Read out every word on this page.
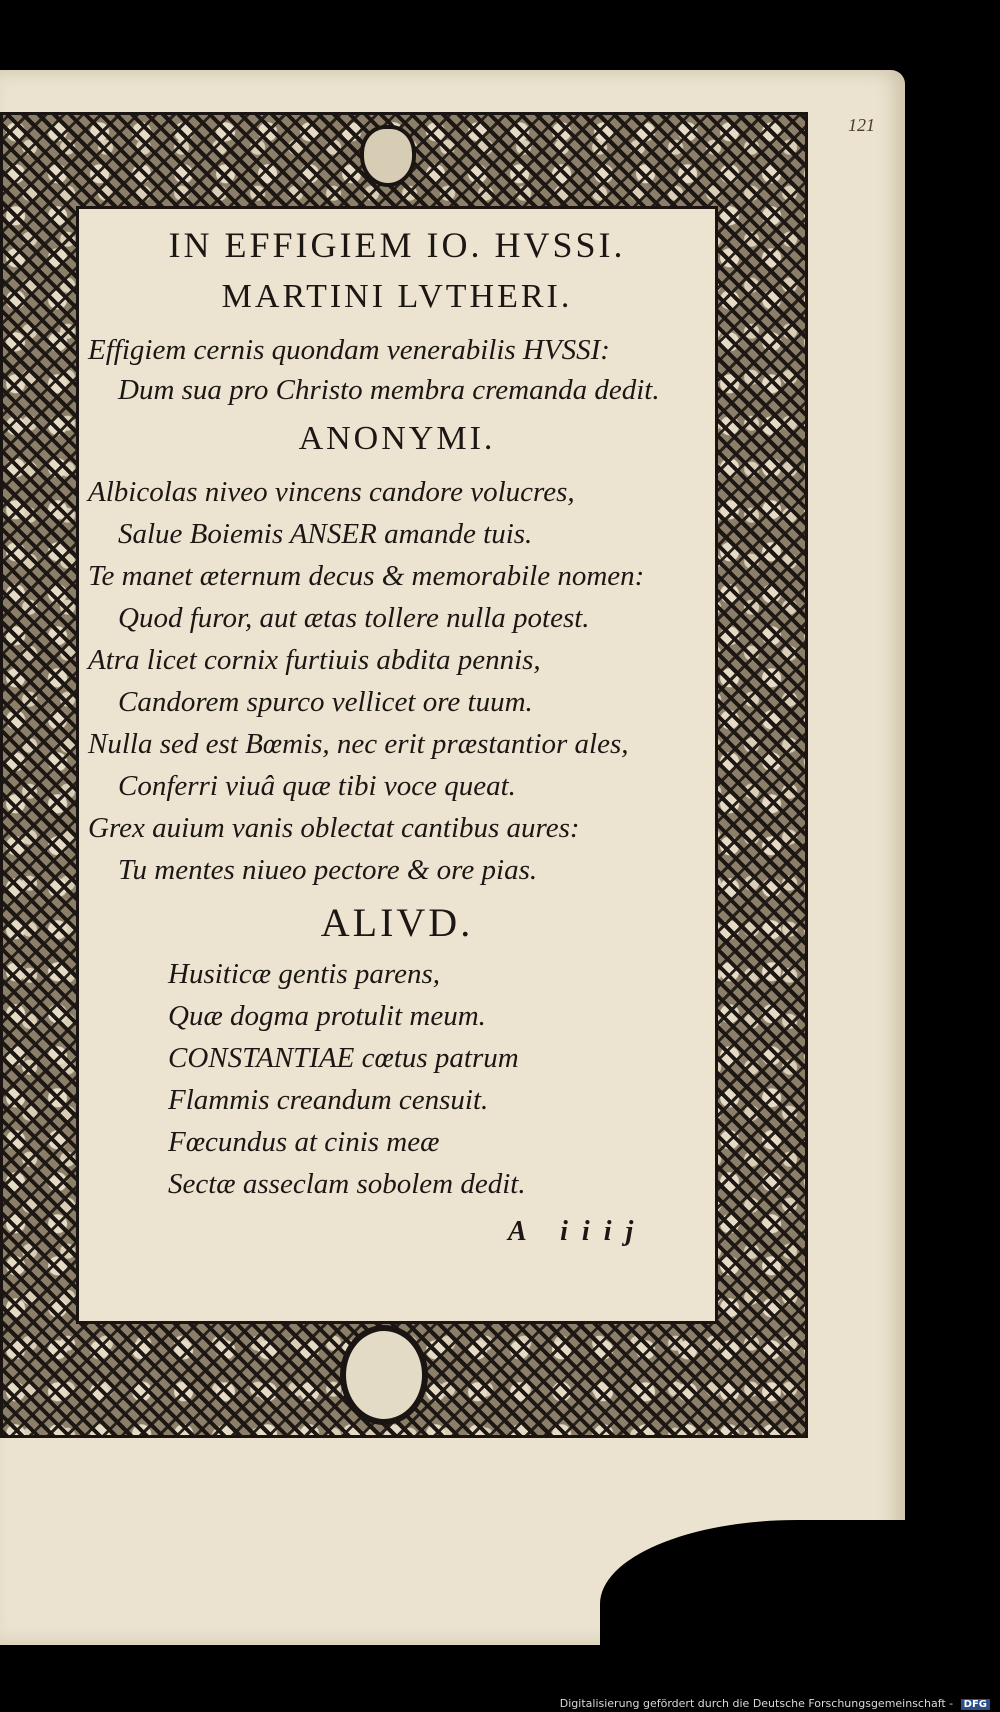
121
IN EFFIGIEM IO. HVSSI.
MARTINI LVTHERI.
Effigiem cernis quondam venerabilis HVSSI:
Dum sua pro Christo membra cremanda dedit.
ANONYMI.
Albicolas niveo vincens candore volucres,
Salue Boiemis ANSER amande tuis.
Te manet æternum decus & memorabile nomen:
Quod furor, aut ætas tollere nulla potest.
Atra licet cornix furtiuis abdita pennis,
Candorem spurco vellicet ore tuum.
Nulla sed est Bœmis, nec erit præstantior ales,
Conferri viuâ quæ tibi voce queat.
Grex auium vanis oblectat cantibus aures:
Tu mentes niueo pectore & ore pias.
ALIVD.
Husiticæ gentis parens,
Quæ dogma protulit meum.
CONSTANTIAE cœtus patrum
Flammis creandum censuit.
Fœcundus at cinis meæ
Sectæ asseclam sobolem dedit.
A iiij
Digitalisierung gefördert durch die Deutsche Forschungsgemeinschaft - DFG
